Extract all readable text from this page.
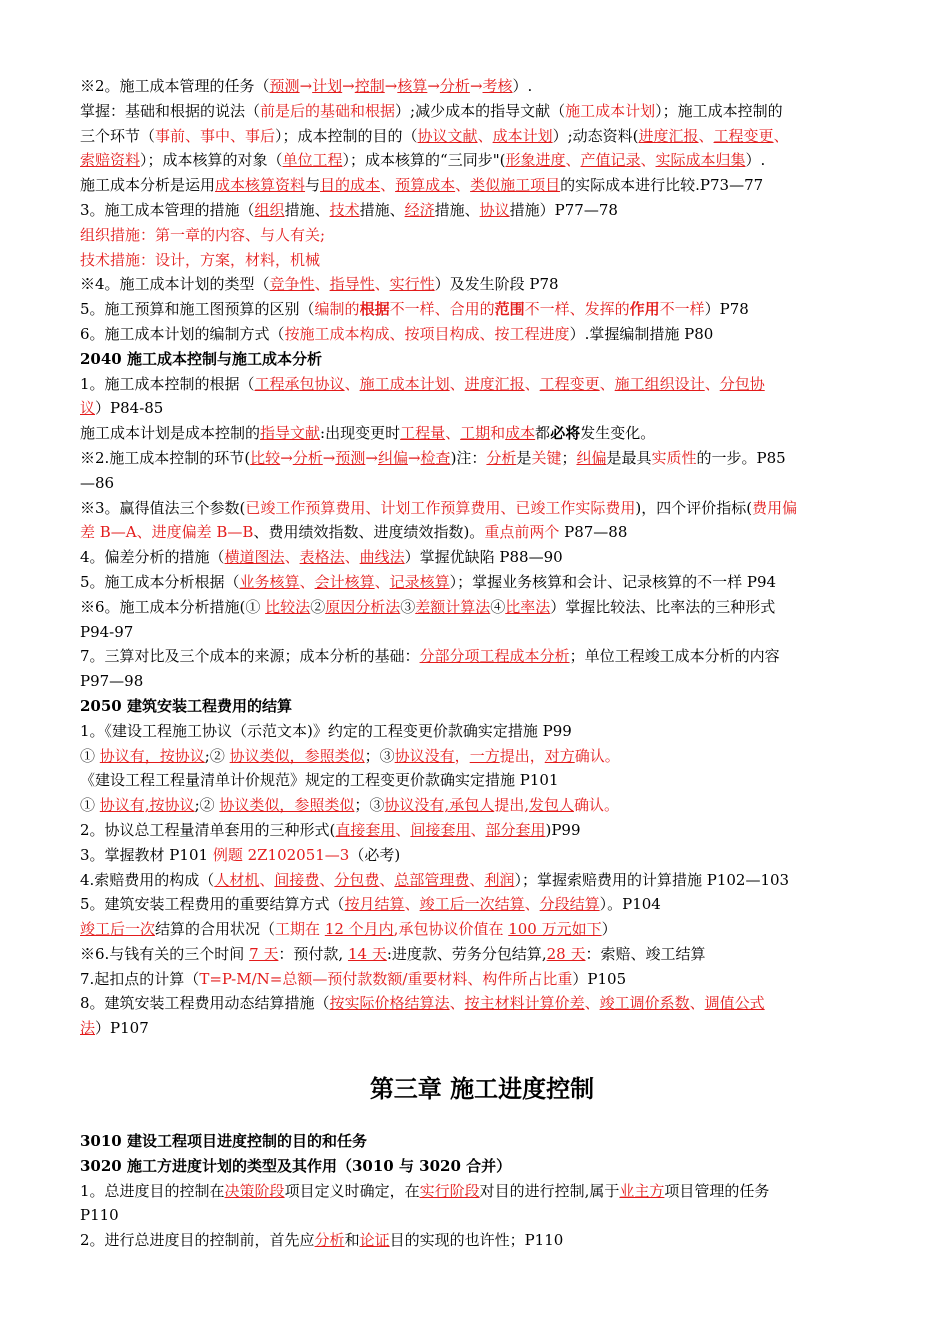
※2。施工成本管理的任务（预测→计划→控制→核算→分析→考核）.
掌握：基础和根据的说法（前是后的基础和根据）;减少成本的指导文献（施工成本计划）；施工成本控制的
三个环节（事前、事中、事后）；成本控制的目的（协议文献、成本计划）;动态资料(进度汇报、工程变更、
索赔资料）；成本核算的对象（单位工程）；成本核算的“三同步"(形象进度、产值记录、实际成本归集）.
施工成本分析是运用成本核算资料与目的成本、预算成本、类似施工项目的实际成本进行比较.P73—77
3。施工成本管理的措施（组织措施、技术措施、经济措施、协议措施）P77—78
组织措施：第一章的内容、与人有关;
技术措施：设计，方案，材料，机械
※4。施工成本计划的类型（竞争性、指导性、实行性）及发生阶段 P78
5。施工预算和施工图预算的区别（编制的根据不一样、合用的范围不一样、发挥的作用不一样）P78
6。施工成本计划的编制方式（按施工成本构成、按项目构成、按工程进度）.掌握编制措施 P80
2040 施工成本控制与施工成本分析
1。施工成本控制的根据（工程承包协议、施工成本计划、进度汇报、工程变更、施工组织设计、分包协
议）P84-85
施工成本计划是成本控制的指导文献:出现变更时工程量、工期和成本都必将发生变化。
※2.施工成本控制的环节(比较→分析→预测→纠偏→检查)注：分析是关键；纠偏是最具实质性的一步。P85
—86
※3。赢得值法三个参数(已竣工作预算费用、计划工作预算费用、已竣工作实际费用)，四个评价指标(费用偏
差 B—A、进度偏差 B—B、费用绩效指数、进度绩效指数)。重点前两个 P87—88
4。偏差分析的措施（横道图法、表格法、曲线法）掌握优缺陷 P88—90
5。施工成本分析根据（业务核算、会计核算、记录核算）；掌握业务核算和会计、记录核算的不一样 P94
※6。施工成本分析措施(① 比较法②原因分析法③差额计算法④比率法）掌握比较法、比率法的三种形式
P94-97
7。三算对比及三个成本的来源；成本分析的基础：分部分项工程成本分析；单位工程竣工成本分析的内容
P97—98
2050 建筑安装工程费用的结算
1。《建设工程施工协议（示范文本)》约定的工程变更价款确实定措施 P99
① 协议有，按协议;② 协议类似，参照类似；③协议没有，一方提出，对方确认。
《建设工程工程量清单计价规范》规定的工程变更价款确实定措施 P101
① 协议有,按协议;② 协议类似，参照类似；③协议没有,承包人提出,发包人确认。
2。协议总工程量清单套用的三种形式(直接套用、间接套用、部分套用)P99
3。掌握教材 P101 例题 2Z102051—3（必考)
4.索赔费用的构成（人材机、间接费、分包费、总部管理费、利润）；掌握索赔费用的计算措施 P102—103
5。建筑安装工程费用的重要结算方式（按月结算、竣工后一次结算、分段结算）。P104
竣工后一次结算的合用状况（工期在 12 个月内,承包协议价值在 100 万元如下）
※6.与钱有关的三个时间 7 天：预付款, 14 天:进度款、劳务分包结算,28 天：索赔、竣工结算
7.起扣点的计算（T=P-M/N=总额—预付款数额/重要材料、构件所占比重）P105
8。建筑安装工程费用动态结算措施（按实际价格结算法、按主材料计算价差、竣工调价系数、调值公式
法）P107
第三章 施工进度控制
3010 建设工程项目进度控制的目的和任务
3020 施工方进度计划的类型及其作用（3010 与 3020 合并）
1。总进度目的控制在决策阶段项目定义时确定，在实行阶段对目的进行控制,属于业主方项目管理的任务
P110
2。进行总进度目的控制前，首先应分析和论证目的实现的也许性；P110
